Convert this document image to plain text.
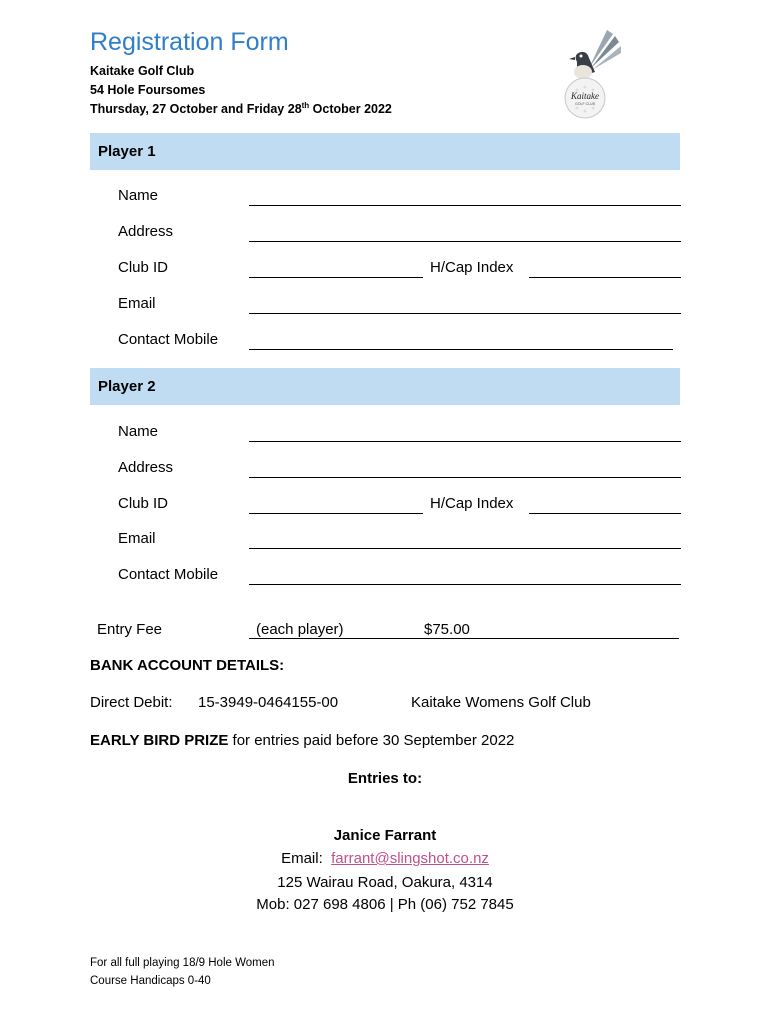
Registration Form
Kaitake Golf Club
54 Hole Foursomes
Thursday, 27 October and Friday 28th October 2022
Kaitake
GOLF CLUB
Player 1
Name
Address
Club ID	H/Cap Index
Email
Contact Mobile
Player 2
Name
Address
Club ID	H/Cap Index
Email
Contact Mobile
Entry Fee	(each player)	$75.00
BANK ACCOUNT DETAILS:
Direct Debit: 15-3949-0464155-00	Kaitake Womens Golf Club
EARLY BIRD PRIZE for entries paid before 30 September 2022
Entries to:
Janice Farrant
Email: farrant@slingshot.co.nz
125 Wairau Road, Oakura, 4314
Mob: 027 698 4806 | Ph (06) 752 7845
For all full playing 18/9 Hole Women
Course Handicaps 0-40
